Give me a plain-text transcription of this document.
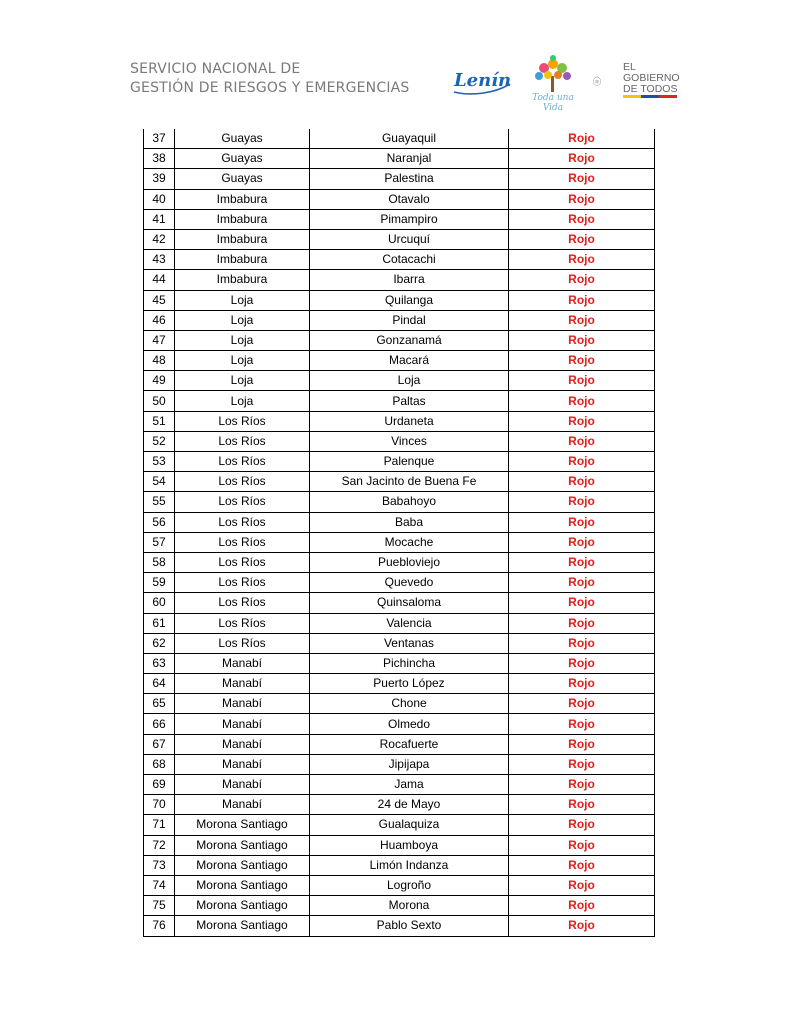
SERVICIO NACIONAL DE
GESTIÓN DE RIESGOS Y EMERGENCIAS Lenín
Toda una Vida
EL
GOBIERNO
DE TODOS
37	Guayas	Guayaquil	Rojo
38	Guayas	Naranjal	Rojo
39	Guayas	Palestina	Rojo
40	Imbabura	Otavalo	Rojo
41	Imbabura	Pimampiro	Rojo
42	Imbabura	Urcuquí	Rojo
43	Imbabura	Cotacachi	Rojo
44	Imbabura	Ibarra	Rojo
45	Loja	Quilanga	Rojo
46	Loja	Pindal	Rojo
47	Loja	Gonzanamá	Rojo
48	Loja	Macará	Rojo
49	Loja	Loja	Rojo
50	Loja	Paltas	Rojo
51	Los Ríos	Urdaneta	Rojo
52	Los Ríos	Vinces	Rojo
53	Los Ríos	Palenque	Rojo
54	Los Ríos	San Jacinto de Buena Fe	Rojo
55	Los Ríos	Babahoyo	Rojo
56	Los Ríos	Baba	Rojo
57	Los Ríos	Mocache	Rojo
58	Los Ríos	Puebloviejo	Rojo
59	Los Ríos	Quevedo	Rojo
60	Los Ríos	Quinsaloma	Rojo
61	Los Ríos	Valencia	Rojo
62	Los Ríos	Ventanas	Rojo
63	Manabí	Pichincha	Rojo
64	Manabí	Puerto López	Rojo
65	Manabí	Chone	Rojo
66	Manabí	Olmedo	Rojo
67	Manabí	Rocafuerte	Rojo
68	Manabí	Jipijapa	Rojo
69	Manabí	Jama	Rojo
70	Manabí	24 de Mayo	Rojo
71	Morona Santiago	Gualaquiza	Rojo
72	Morona Santiago	Huamboya	Rojo
73	Morona Santiago	Limón Indanza	Rojo
74	Morona Santiago	Logroño	Rojo
75	Morona Santiago	Morona	Rojo
76	Morona Santiago	Pablo Sexto	Rojo
